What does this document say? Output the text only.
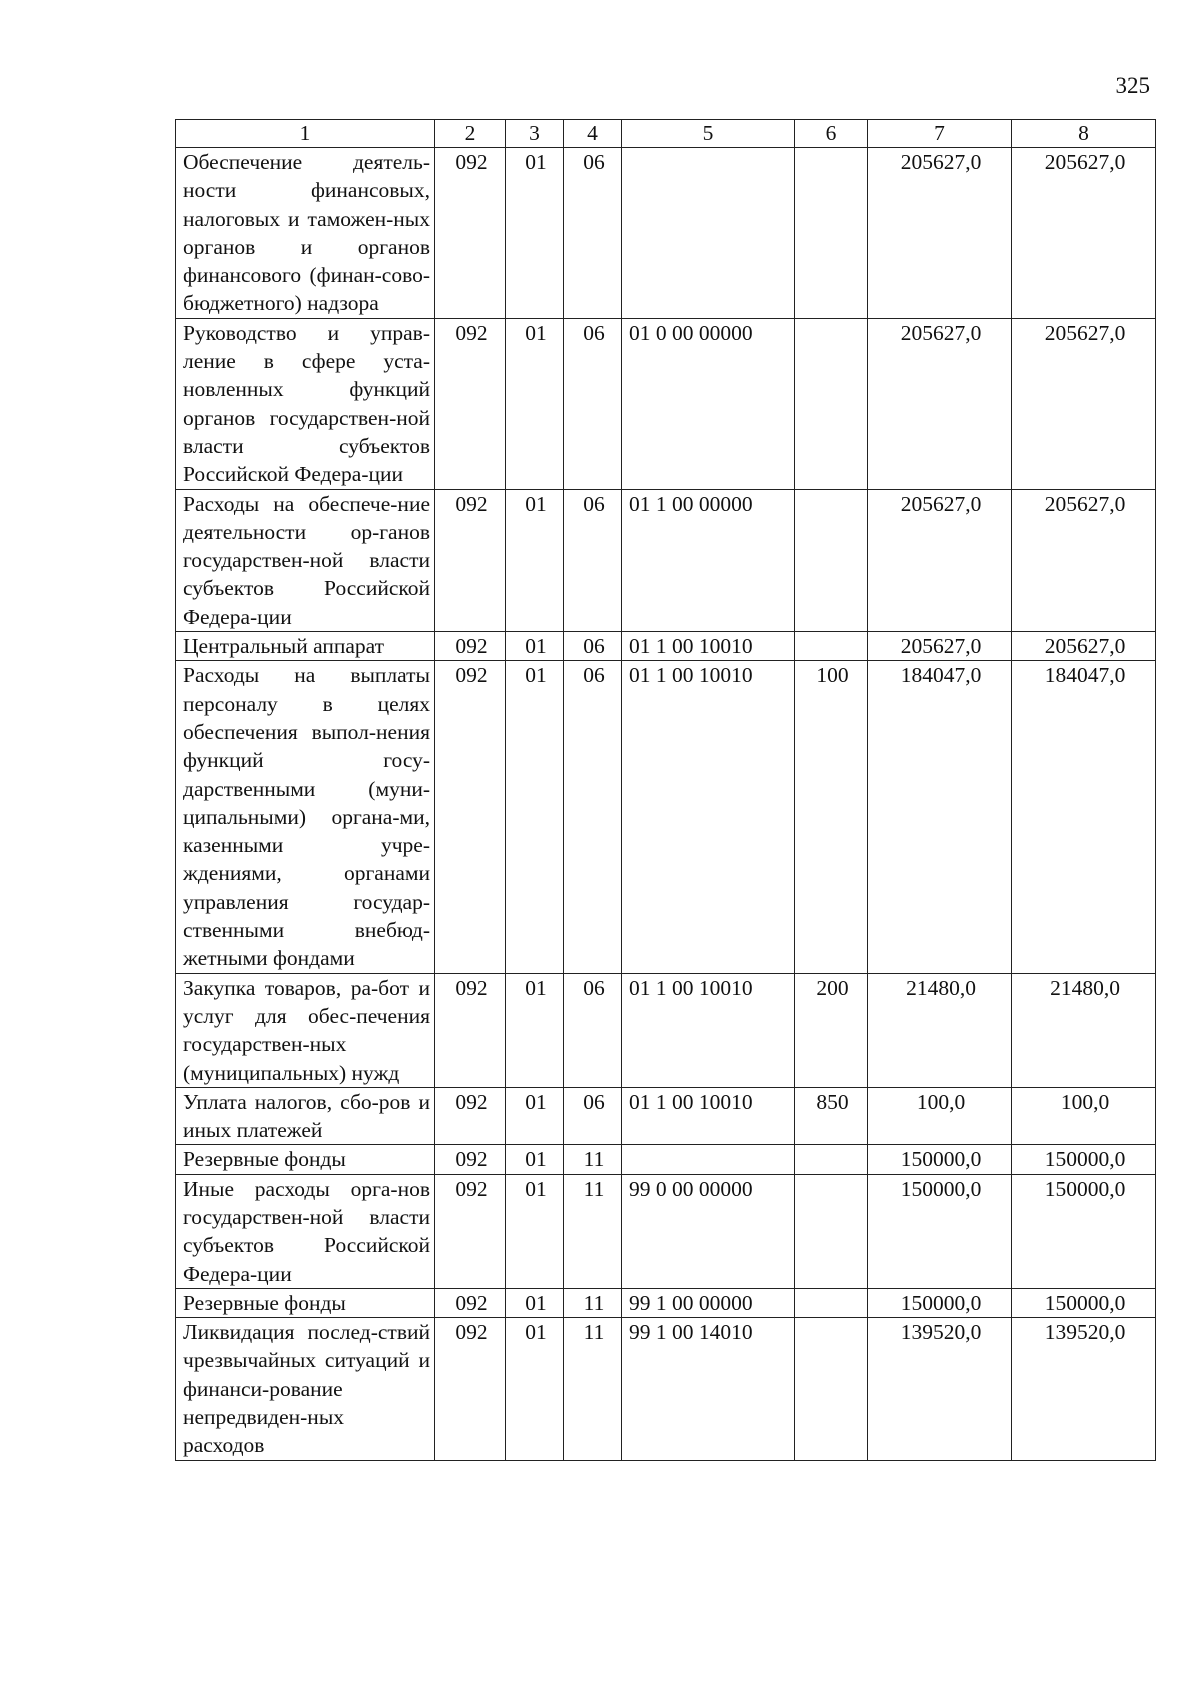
325
1	2	3	4	5	6	7	8
Обеспечение деятель-ности финансовых, налоговых и таможен-ных органов и органов финансового (финан-сово-бюджетного) надзора	092	01	06			205627,0	205627,0
Руководство и управ-ление в сфере уста-новленных функций органов государствен-ной власти субъектов Российской Федера-ции	092	01	06	01 0 00 00000		205627,0	205627,0
Расходы на обеспече-ние деятельности ор-ганов государствен-ной власти субъектов Российской Федера-ции	092	01	06	01 1 00 00000		205627,0	205627,0
Центральный аппарат	092	01	06	01 1 00 10010		205627,0	205627,0
Расходы на выплаты персоналу в целях обеспечения выпол-нения функций госу-дарственными (муни-ципальными) органа-ми, казенными учре-ждениями, органами управления государ-ственными внебюд-жетными фондами	092	01	06	01 1 00 10010	100	184047,0	184047,0
Закупка товаров, ра-бот и услуг для обес-печения государствен-ных (муниципальных) нужд	092	01	06	01 1 00 10010	200	21480,0	21480,0
Уплата налогов, сбо-ров и иных платежей	092	01	06	01 1 00 10010	850	100,0	100,0
Резервные фонды	092	01	11			150000,0	150000,0
Иные расходы орга-нов государствен-ной власти субъектов Российской Федера-ции	092	01	11	99 0 00 00000		150000,0	150000,0
Резервные фонды	092	01	11	99 1 00 00000		150000,0	150000,0
Ликвидация послед-ствий чрезвычайных ситуаций и финанси-рование непредвиден-ных расходов	092	01	11	99 1 00 14010		139520,0	139520,0
